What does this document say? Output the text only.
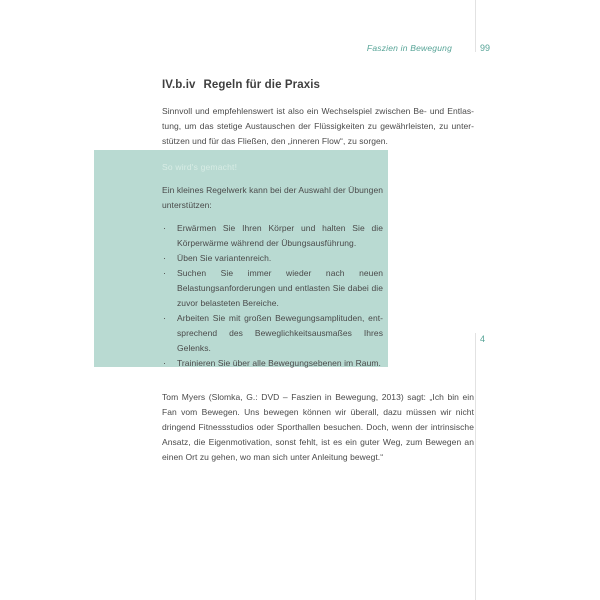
Faszien in Bewegung	99
4
IV.b.iv Regeln für die Praxis

Sinnvoll und empfehlenswert ist also ein Wechselspiel zwischen Be- und Entlastung, um das stetige Austauschen der Flüssigkeiten zu gewährleisten, zu unterstützen und für das Fließen, den „inneren Flow“, zu sorgen.

So wird's gemacht!

Ein kleines Regelwerk kann bei der Auswahl der Übungen unterstützen:

· Erwärmen Sie Ihren Körper und halten Sie die Körperwärme während der Übungsausführung.
· Üben Sie variantenreich.
· Suchen Sie immer wieder nach neuen Belastungsanforderungen und entlasten Sie dabei die zuvor belasteten Bereiche.
· Arbeiten Sie mit großen Bewegungsamplituden, entsprechend des Beweglichkeitsausmaßes Ihres Gelenks.
· Trainieren Sie über alle Bewegungsebenen im Raum.

Tom Myers (Slomka, G.: DVD – Faszien in Bewegung, 2013) sagt: „Ich bin ein Fan vom Bewegen. Uns bewegen können wir überall, dazu müssen wir nicht dringend Fitnessstudios oder Sporthallen besuchen. Doch, wenn der intrinsische Ansatz, die Eigenmotivation, sonst fehlt, ist es ein guter Weg, zum Bewegen an einen Ort zu gehen, wo man sich unter Anleitung bewegt.“
